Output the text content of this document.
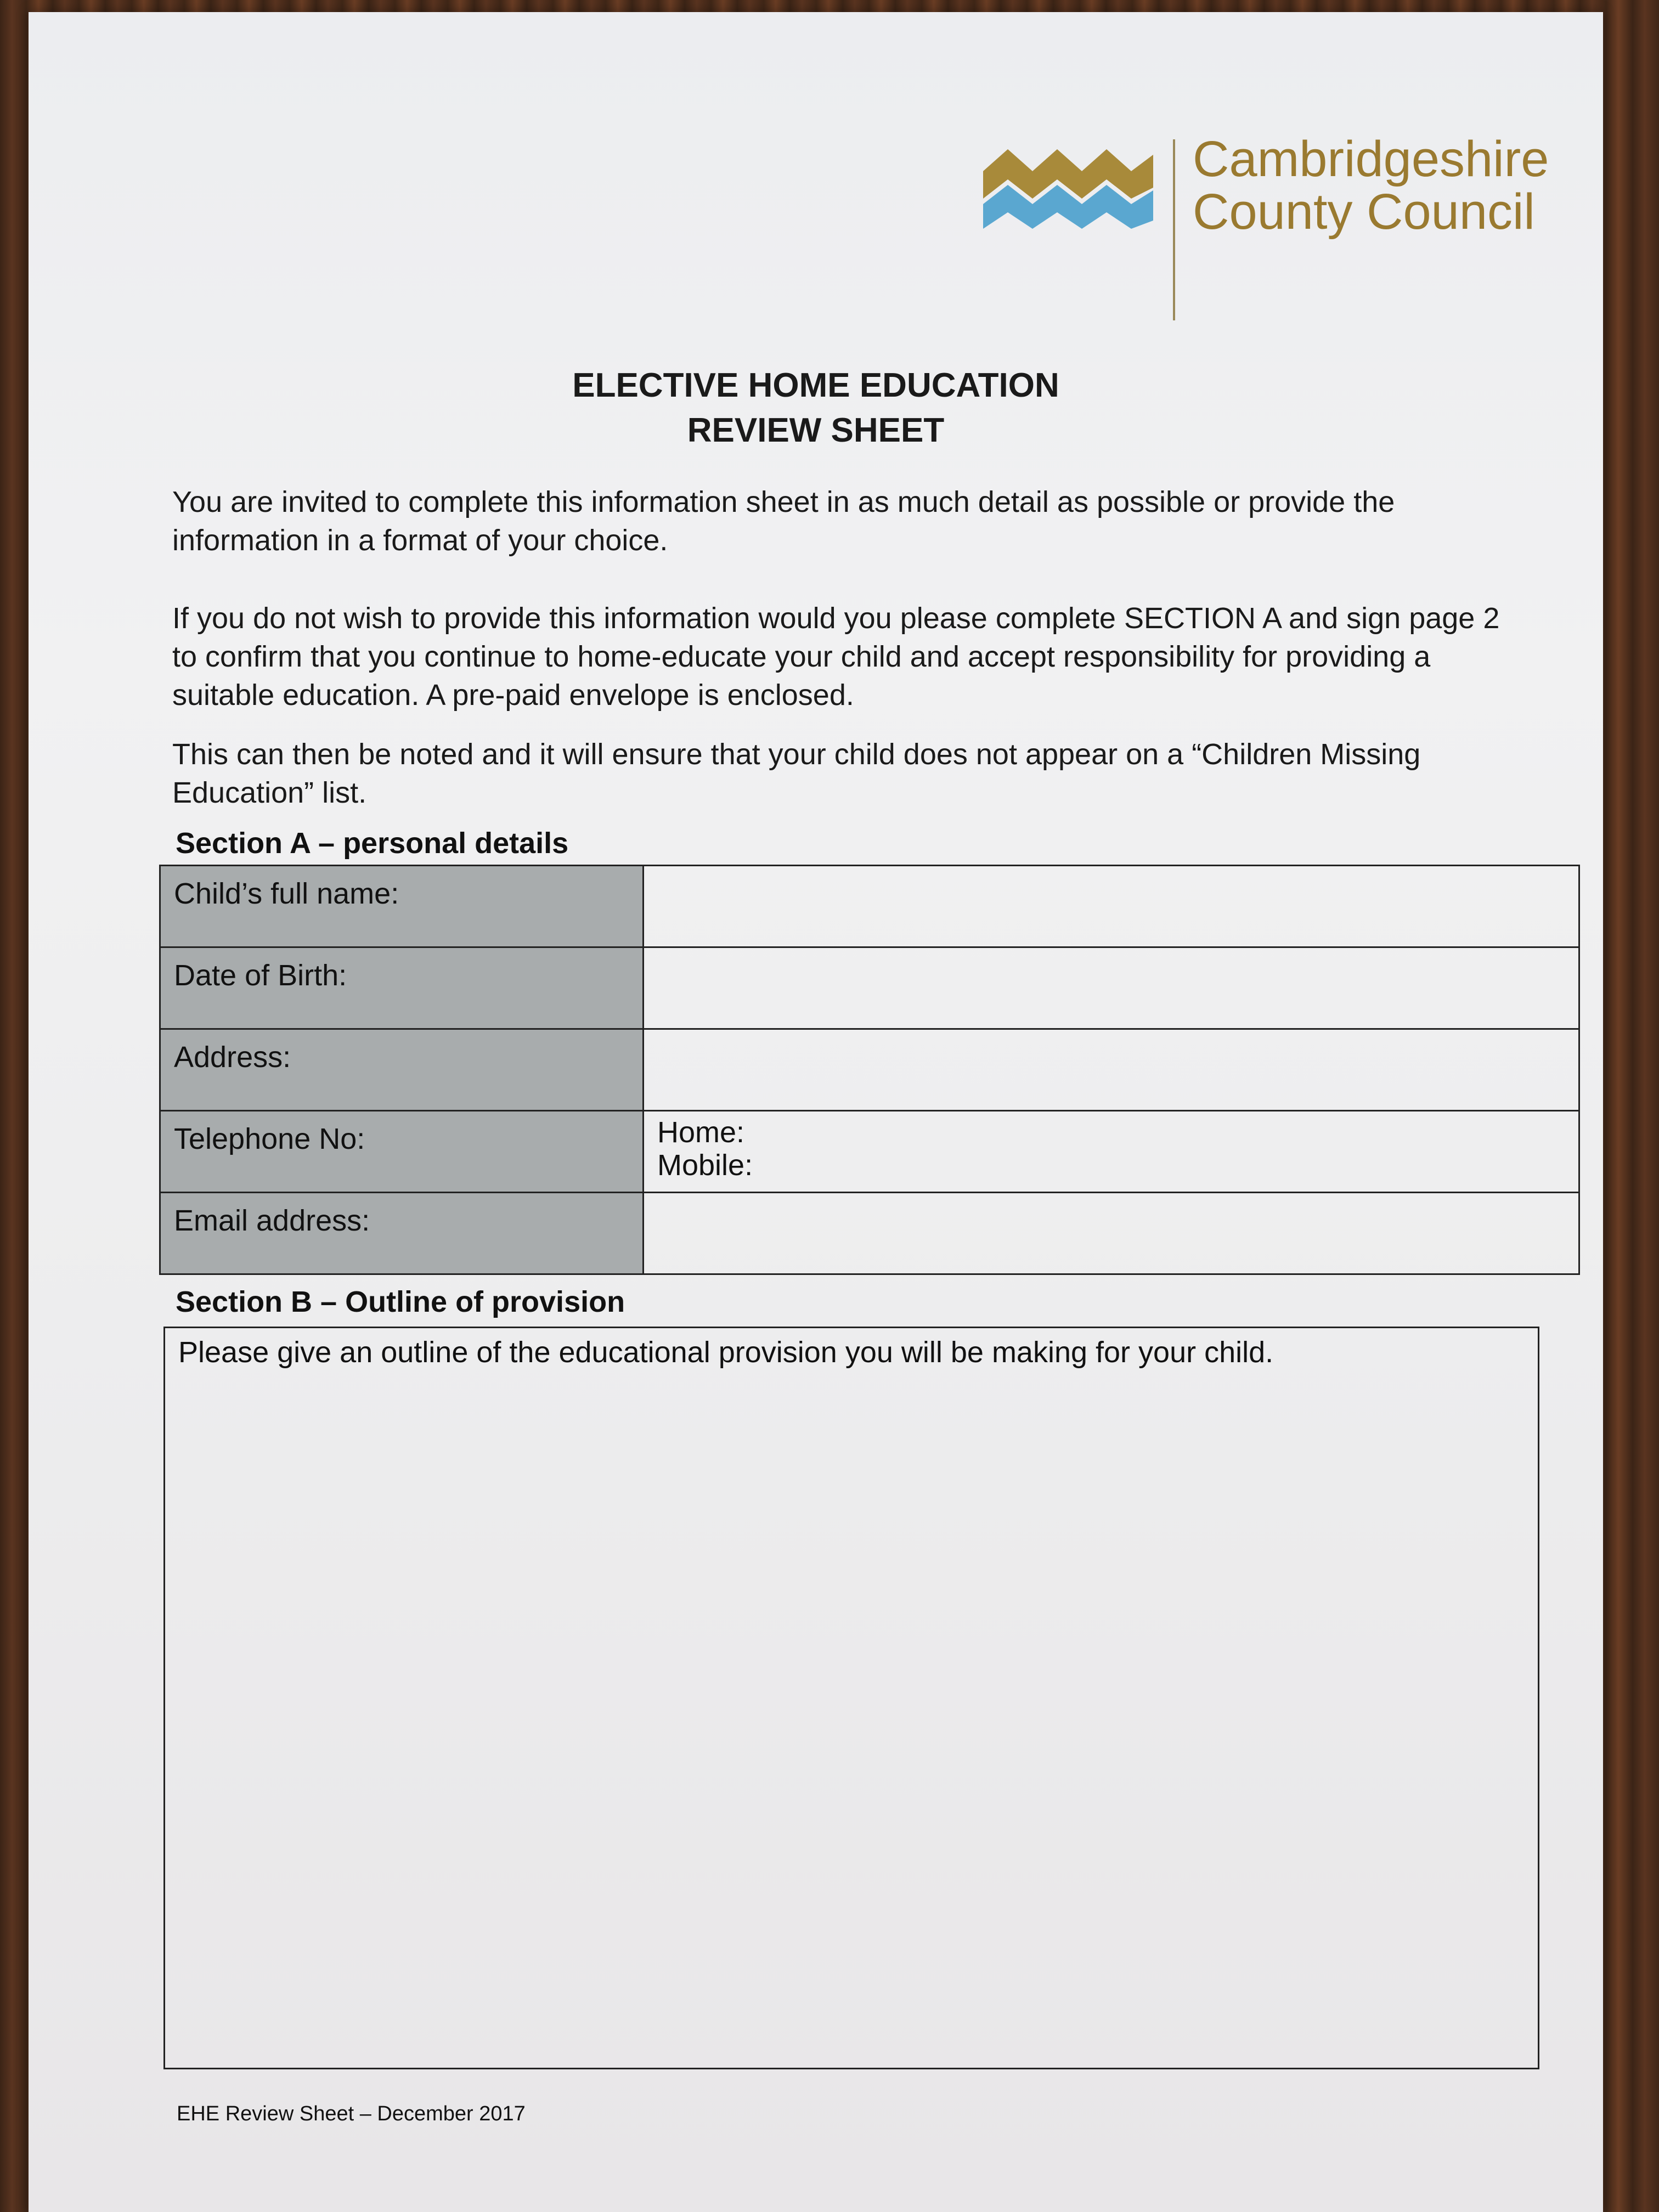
Cambridgeshire
County Council
ELECTIVE HOME EDUCATION
REVIEW SHEET
You are invited to complete this information sheet in as much detail as possible or provide the information in a format of your choice.
If you do not wish to provide this information would you please complete SECTION A and sign page 2 to confirm that you continue to home-educate your child and accept responsibility for providing a suitable education. A pre-paid envelope is enclosed.
This can then be noted and it will ensure that your child does not appear on a “Children Missing Education” list.
Section A – personal details
Child’s full name:	
Date of Birth:	
Address:	
Telephone No:	Home:
Mobile:

Email address:	
Section B – Outline of provision
Please give an outline of the educational provision you will be making for your child.
EHE Review Sheet – December 2017
